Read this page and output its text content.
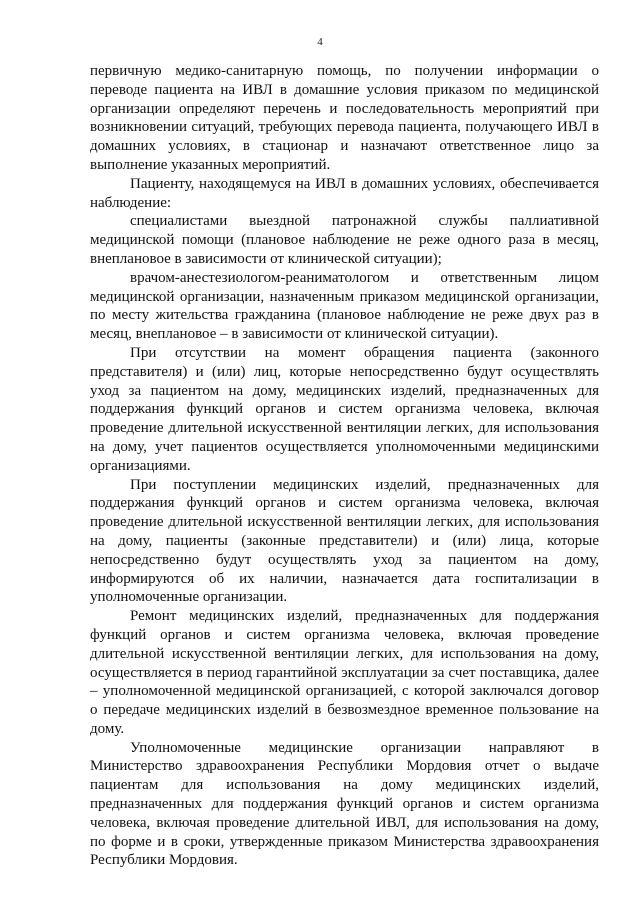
4

первичную медико-санитарную помощь, по получении информации о переводе пациента на ИВЛ в домашние условия приказом по медицинской организации определяют перечень и последовательность мероприятий при возникновении ситуаций, требующих перевода пациента, получающего ИВЛ в домашних условиях, в стационар и назначают ответственное лицо за выполнение указанных мероприятий.

Пациенту, находящемуся на ИВЛ в домашних условиях, обеспечивается наблюдение:

специалистами выездной патронажной службы паллиативной медицинской помощи (плановое наблюдение не реже одного раза в месяц, внеплановое в зависимости от клинической ситуации);

врачом-анестезиологом-реаниматологом и ответственным лицом медицинской организации, назначенным приказом медицинской организации, по месту жительства гражданина (плановое наблюдение не реже двух раз в месяц, внеплановое – в зависимости от клинической ситуации).

При отсутствии на момент обращения пациента (законного представителя) и (или) лиц, которые непосредственно будут осуществлять уход за пациентом на дому, медицинских изделий, предназначенных для поддержания функций органов и систем организма человека, включая проведение длительной искусственной вентиляции легких, для использования на дому, учет пациентов осуществляется уполномоченными медицинскими организациями.

При поступлении медицинских изделий, предназначенных для поддержания функций органов и систем организма человека, включая проведение длительной искусственной вентиляции легких, для использования на дому, пациенты (законные представители) и (или) лица, которые непосредственно будут осуществлять уход за пациентом на дому, информируются об их наличии, назначается дата госпитализации в уполномоченные организации.

Ремонт медицинских изделий, предназначенных для поддержания функций органов и систем организма человека, включая проведение длительной искусственной вентиляции легких, для использования на дому, осуществляется в период гарантийной эксплуатации за счет поставщика, далее – уполномоченной медицинской организацией, с которой заключался договор о передаче медицинских изделий в безвозмездное временное пользование на дому.

Уполномоченные медицинские организации направляют в Министерство здравоохранения Республики Мордовия отчет о выдаче пациентам для использования на дому медицинских изделий, предназначенных для поддержания функций органов и систем организма человека, включая проведение длительной ИВЛ, для использования на дому, по форме и в сроки, утвержденные приказом Министерства здравоохранения Республики Мордовия.
